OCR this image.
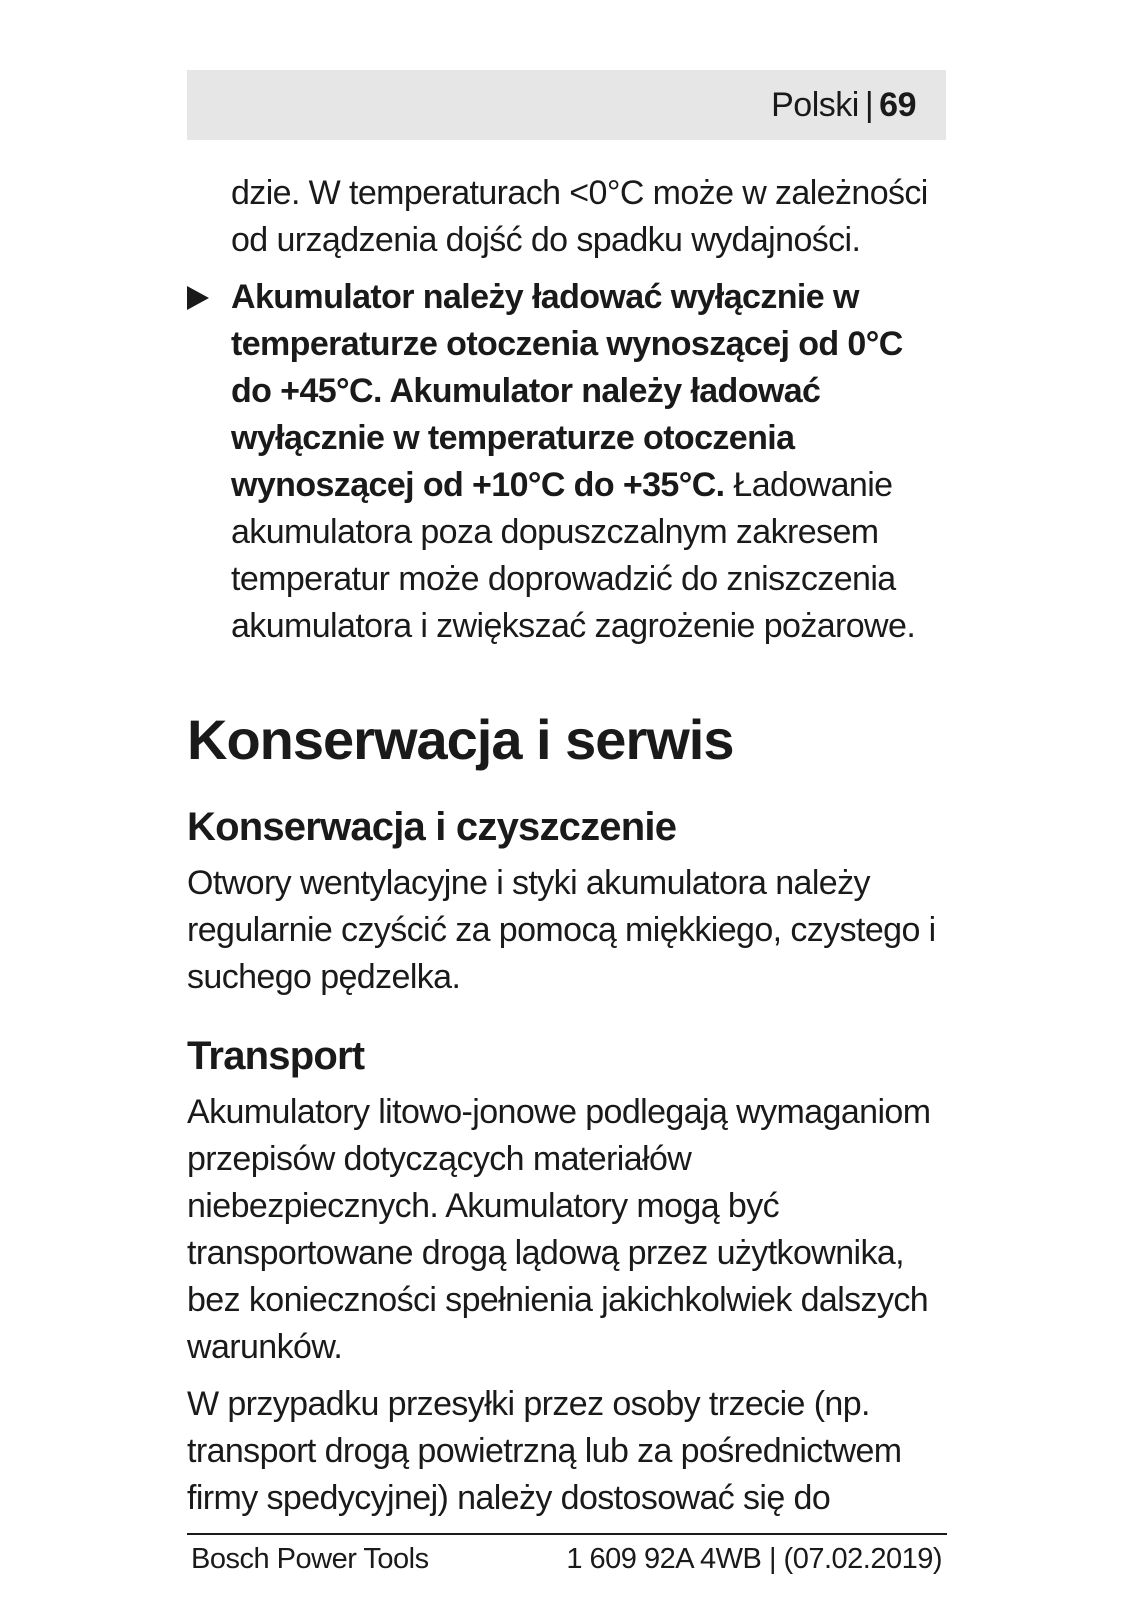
Polski | 69

dzie. W temperaturach <0°C może w zależności od urządzenia dojść do spadku wydajności.

Akumulator należy ładować wyłącznie w temperaturze otoczenia wynoszącej od 0°C do +45°C. Akumulator należy ładować wyłącznie w temperaturze otoczenia wynoszącej od +10°C do +35°C. Ładowanie akumulatora poza dopuszczalnym zakresem temperatur może doprowadzić do zniszczenia akumulatora i zwiększać zagrożenie pożarowe.

Konserwacja i serwis
Konserwacja i czyszczenie

Otwory wentylacyjne i styki akumulatora należy regularnie czyścić za pomocą miękkiego, czystego i suchego pędzelka.

Transport

Akumulatory litowo-jonowe podlegają wymaganiom przepisów dotyczących materiałów niebezpiecznych. Akumulatory mogą być transportowane drogą lądową przez użytkownika, bez konieczności spełnienia jakichkolwiek dalszych warunków.

W przypadku przesyłki przez osoby trzecie (np. transport drogą powietrzną lub za pośrednictwem firmy spedycyjnej) należy dostosować się do

Bosch Power Tools	1 609 92A 4WB | (07.02.2019)
